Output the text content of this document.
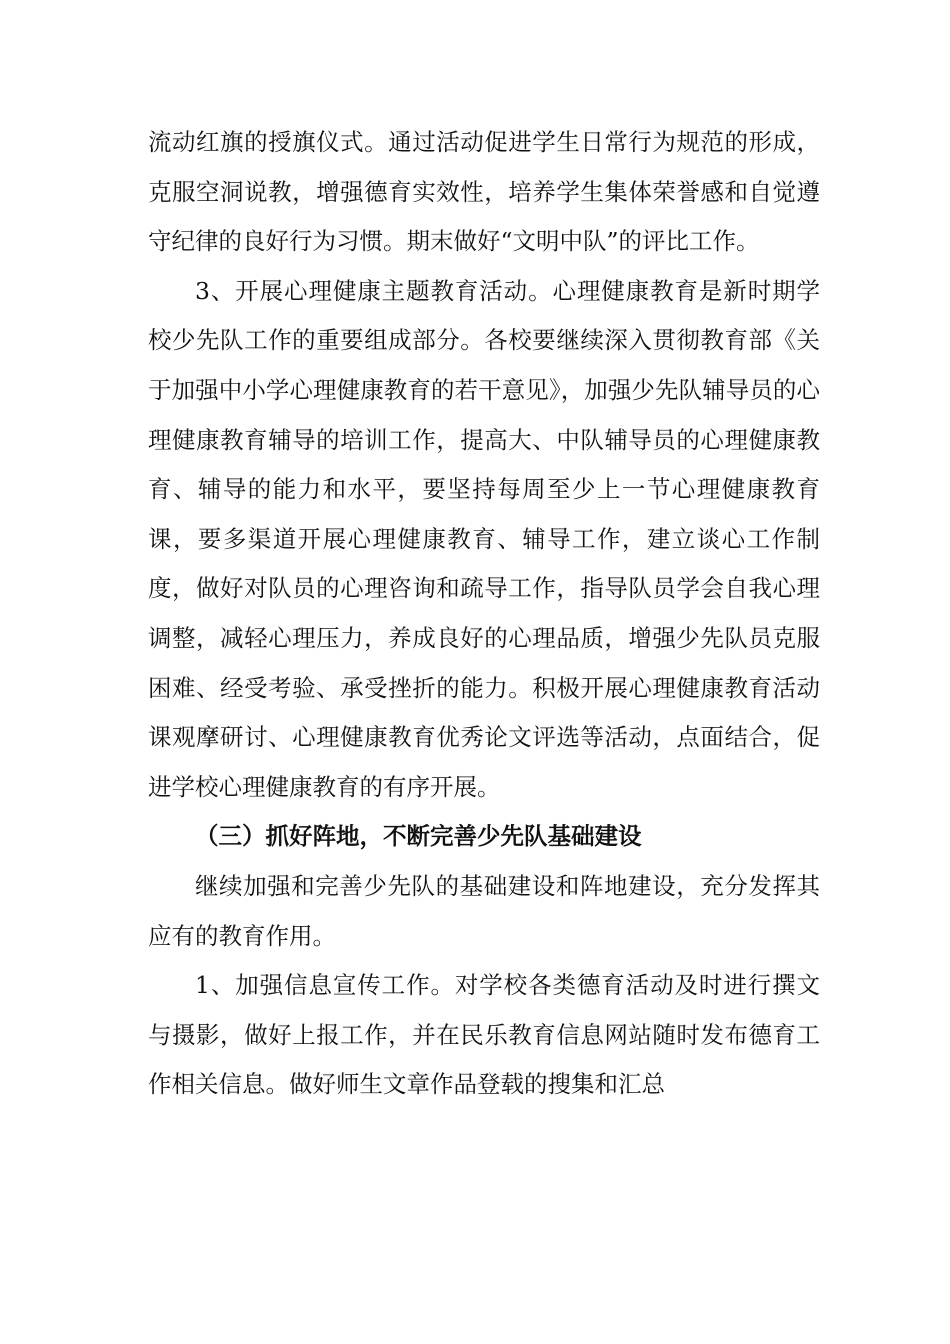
流动红旗的授旗仪式。通过活动促进学生日常行为规范的形成，克服空洞说教，增强德育实效性，培养学生集体荣誉感和自觉遵守纪律的良好行为习惯。期末做好“文明中队”的评比工作。

3、开展心理健康主题教育活动。心理健康教育是新时期学校少先队工作的重要组成部分。各校要继续深入贯彻教育部《关于加强中小学心理健康教育的若干意见》，加强少先队辅导员的心理健康教育辅导的培训工作，提高大、中队辅导员的心理健康教育、辅导的能力和水平，要坚持每周至少上一节心理健康教育课，要多渠道开展心理健康教育、辅导工作，建立谈心工作制度，做好对队员的心理咨询和疏导工作，指导队员学会自我心理调整，减轻心理压力，养成良好的心理品质，增强少先队员克服困难、经受考验、承受挫折的能力。积极开展心理健康教育活动课观摩研讨、心理健康教育优秀论文评选等活动，点面结合，促进学校心理健康教育的有序开展。

（三）抓好阵地，不断完善少先队基础建设

继续加强和完善少先队的基础建设和阵地建设，充分发挥其应有的教育作用。

1、加强信息宣传工作。对学校各类德育活动及时进行撰文与摄影，做好上报工作，并在民乐教育信息网站随时发布德育工作相关信息。做好师生文章作品登载的搜集和汇总
